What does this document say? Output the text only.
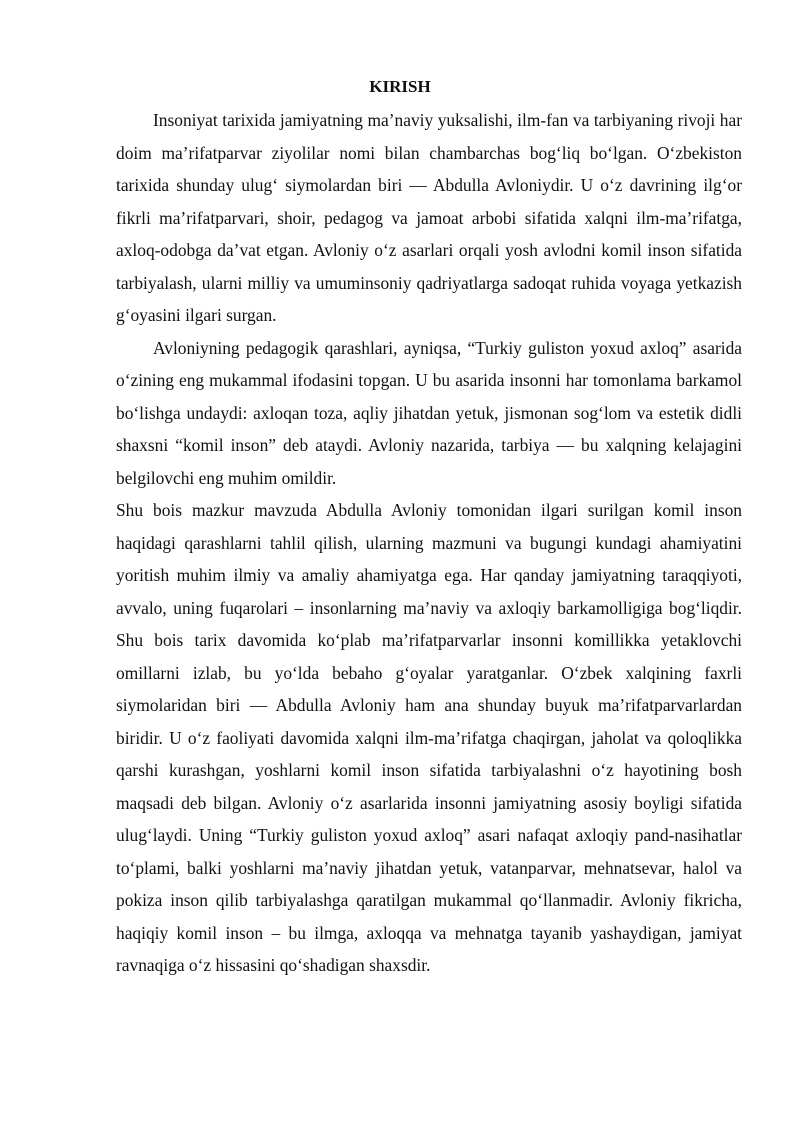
KIRISH

Insoniyat tarixida jamiyatning ma’naviy yuksalishi, ilm-fan va tarbiyaning rivoji har doim ma’rifatparvar ziyolilar nomi bilan chambarchas bog‘liq bo‘lgan. O‘zbekiston tarixida shunday ulug‘ siymolardan biri — Abdulla Avloniydir. U o‘z davrining ilg‘or fikrli ma’rifatparvari, shoir, pedagog va jamoat arbobi sifatida xalqni ilm-ma’rifatga, axloq-odobga da’vat etgan. Avloniy o‘z asarlari orqali yosh avlodni komil inson sifatida tarbiyalash, ularni milliy va umuminsoniy qadriyatlarga sadoqat ruhida voyaga yetkazish g‘oyasini ilgari surgan.

Avloniyning pedagogik qarashlari, ayniqsa, “Turkiy guliston yoxud axloq” asarida o‘zining eng mukammal ifodasini topgan. U bu asarida insonni har tomonlama barkamol bo‘lishga undaydi: axloqan toza, aqliy jihatdan yetuk, jismonan sog‘lom va estetik didli shaxsni “komil inson” deb ataydi. Avloniy nazarida, tarbiya — bu xalqning kelajagini belgilovchi eng muhim omildir.

Shu bois mazkur mavzuda Abdulla Avloniy tomonidan ilgari surilgan komil inson haqidagi qarashlarni tahlil qilish, ularning mazmuni va bugungi kundagi ahamiyatini yoritish muhim ilmiy va amaliy ahamiyatga ega. Har qanday jamiyatning taraqqiyoti, avvalo, uning fuqarolari – insonlarning ma’naviy va axloqiy barkamolligiga bog‘liqdir. Shu bois tarix davomida ko‘plab ma’rifatparvarlar insonni komillikka yetaklovchi omillarni izlab, bu yo‘lda bebaho g‘oyalar yaratganlar. O‘zbek xalqining faxrli siymolaridan biri — Abdulla Avloniy ham ana shunday buyuk ma’rifatparvarlardan biridir. U o‘z faoliyati davomida xalqni ilm-ma’rifatga chaqirgan, jaholat va qoloqlikka qarshi kurashgan, yoshlarni komil inson sifatida tarbiyalashni o‘z hayotining bosh maqsadi deb bilgan. Avloniy o‘z asarlarida insonni jamiyatning asosiy boyligi sifatida ulug‘laydi. Uning “Turkiy guliston yoxud axloq” asari nafaqat axloqiy pand-nasihatlar to‘plami, balki yoshlarni ma’naviy jihatdan yetuk, vatanparvar, mehnatsevar, halol va pokiza inson qilib tarbiyalashga qaratilgan mukammal qo‘llanmadir. Avloniy fikricha, haqiqiy komil inson – bu ilmga, axloqqa va mehnatga tayanib yashaydigan, jamiyat ravnaqiga o‘z hissasini qo‘shadigan shaxsdir.
